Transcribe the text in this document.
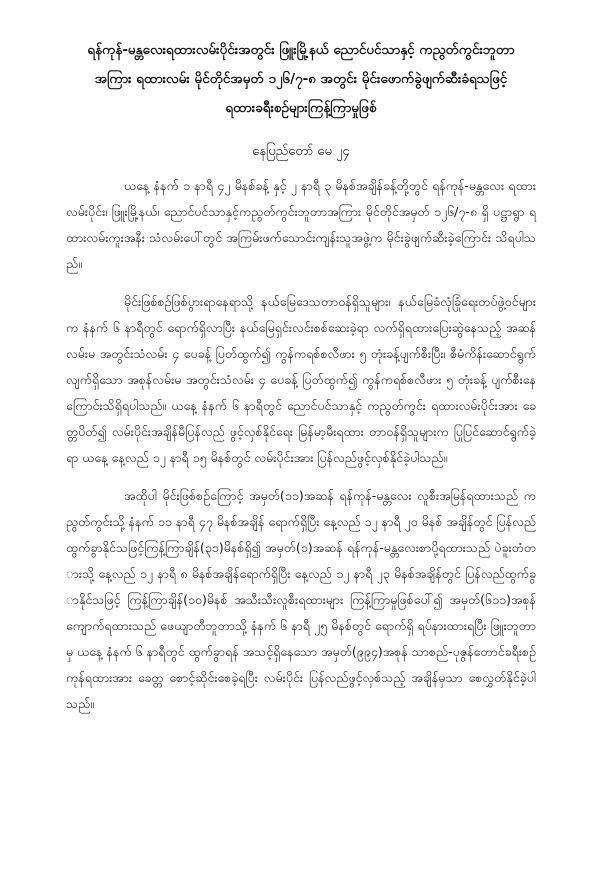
ရန်ကုန်-မန္တလေးရထားလမ်းပိုင်းအတွင်း ဖြူးမြို့နယ် ညောင်ပင်သာနှင့် ကညွတ်ကွင်းဘူတာ

အကြား ရထားလမ်း မိုင်တိုင်အမှတ် ၁၂၆/၇-၈ အတွင်း မိုင်းဖောက်ခွဲဖျက်ဆီးခံရသဖြင့်

ရထားခရီးစဉ်များကြန့်ကြာမှုဖြစ်

နေပြည်တော် မေ ၂၄

ယနေ့ နံနက် ၁ နာရီ ၄၂ မိနစ်ခန့် နှင့် ၂ နာရီ ၃ မိနစ်အချိန်ခန့်တို့တွင် ရန်ကုန်-မန္တလေး ရထားလမ်းပိုင်း၊ ဖြူးမြို့နယ်၊ ညောင်ပင်သာနှင့်ကညွတ်ကွင်းဘူတာအကြား မိုင်တိုင်အမှတ် ၁၂၆/၇-၈ ရှိ ပဋ္ဌာရွာ ရထားလမ်းကူးအနီး သံလမ်းပေါ်တွင် အကြမ်းဖက်သောင်းကျန်းသူအဖွဲ့က မိုင်းခွဲဖျက်ဆီးခဲ့ကြောင်း သိရပါသည်။

မိုင်းဖြစ်စဉ်ဖြစ်ပွားရာနေရာသို့ နယ်မြေဒေသတာဝန်ရှိသူများ၊ နယ်မြေခံလုံခြုံရေးတပ်ဖွဲ့ဝင်များက နံနက် ၆ နာရီတွင် ရောက်ရှိလာပြီး နယ်မြေရှင်းလင်းစစ်ဆေးခဲ့ရာ လက်ရှိရထားပြေးဆွဲနေသည့် အဆန်လမ်းမ အတွင်းသံလမ်း ၄ ပေခန့် ပြတ်ထွက်၍ ကွန်ကရစ်စလီဖား ၅ တုံးခန့်ပျက်စီးပြီး၊ စီမံကိန်းဆောင်ရွက်လျက်ရှိသော အစုန်လမ်းမ အတွင်းသံလမ်း ၄ ပေခန့် ပြတ်ထွက်၍ ကွန်ကရစ်စလီဖား ၅ တုံးခန့် ပျက်စီးနေကြောင်းသိရှိရပါသည်။ ယနေ့ နံနက် ၆ နာရီတွင် ညောင်ပင်သာနှင့် ကညွတ်ကွင်း ရထားလမ်းပိုင်းအား ခေတ္တပိတ်၍ လမ်းပိုင်းအချိန်မီပြန်လည် ဖွင့်လှစ်နိုင်ရေး မြန်မာ့မီးရထား တာဝန်ရှိသူများက ပြုပြင်ဆောင်ရွက်ခဲ့ရာ ယနေ့ နေ့လည် ၁၂ နာရီ ၁၅ မိနစ်တွင် လမ်းပိုင်းအား ပြန်လည်ဖွင့်လှစ်နိုင်ခဲ့ပါသည်။

အထိုပါ မိုင်းဖြစ်စဉ်ကြောင့် အမှတ်(၁၁)အဆန် ရန်ကုန်-မန္တလေး လူစီးအမြန်ရထားသည် ကညွတ်ကွင်းသို့ နံနက် ၁၁ နာရီ ၄၇ မိနစ်အချိန် ရောက်ရှိပြီး နေ့လည် ၁၂ နာရီ ၂၀ မိနစ် အချိန်တွင် ပြန်လည်ထွက်ခွာနိုင်သဖြင့်ကြန့်ကြာချိန်(၃၁)မိနစ်ရှိ၍ အမှတ်(၁)အဆန် ရန်ကုန်-မန္တလေးစာပို့ရထားသည် ပဲခူးတံတားသို့ နေ့လည် ၁၂ နာရီ ၈ မိနစ်အချိန်ရောက်ရှိပြီး နေ့လည် ၁၂ နာရီ ၂၃ မိနစ်အချိန်တွင် ပြန်လည်ထွက်ခွာနိုင်သဖြင့် ကြန့်ကြာချိန်(၁၀)မိနစ် အသီးသီးလူစီးရထားများ ကြန့်ကြာမှုဖြစ်ပေါ်၍ အမှတ်(၆၁၁)အစုန် ကျောက်ရထားသည် ဖေယျာတီဘူတာသို့ နံနက် ၆ နာရီ ၂၅ မိနစ်တွင် ရောက်ရှိ ရပ်နားထားရပြီး ဖြူးဘူတာမှ ယနေ့ နံနက် ၆ နာရီတွင် ထွက်ခွာရန် အသင့်ရှိနေသော အမှတ်(၉၉၄)အစုန် သာစည်-ပုဇွန်တောင်ခရီးစဉ် ကုန်ရထားအား ခေတ္တ စောင့်ဆိုင်းစေခဲ့ရပြီး လမ်းပိုင်း ပြန်လည်ဖွင့်လှစ်သည့် အချိန်မှသာ စေလွှတ်နိုင်ခဲ့ပါသည်။
